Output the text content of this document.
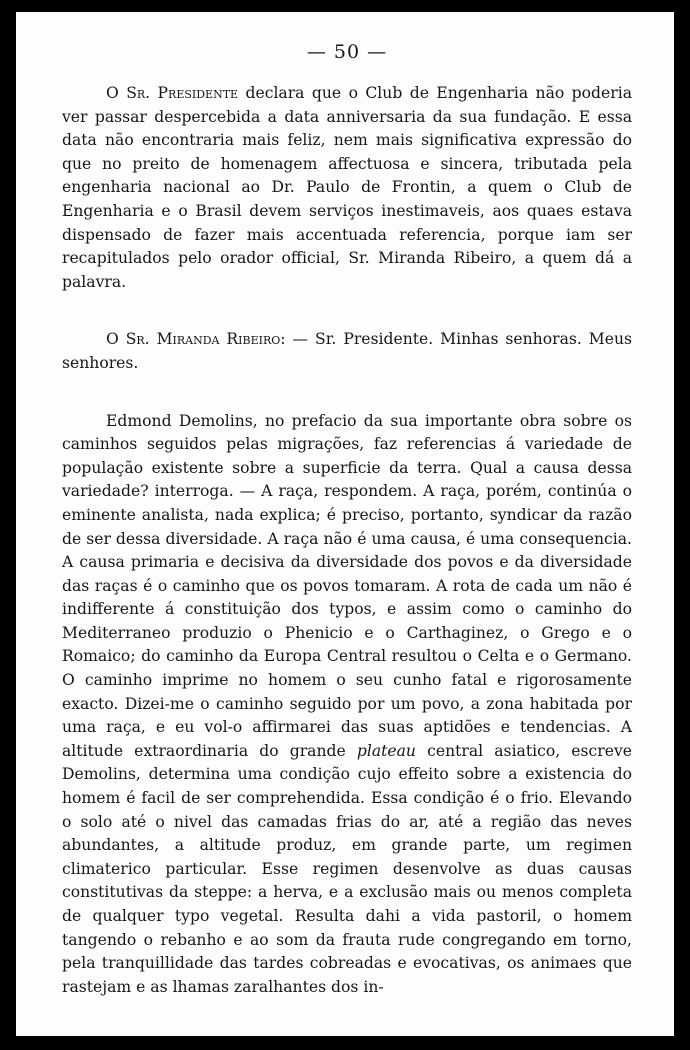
— 50 —

O Sr. Presidente declara que o Club de Engenharia não poderia ver passar despercebida a data anniversaria da sua fundação. E essa data não encontraria mais feliz, nem mais significativa expressão do que no preito de homenagem affectuosa e sincera, tributada pela engenharia nacional ao Dr. Paulo de Frontin, a quem o Club de Engenharia e o Brasil devem serviços inestimaveis, aos quaes estava dispensado de fazer mais accentuada referencia, porque iam ser recapitulados pelo orador official, Sr. Miranda Ribeiro, a quem dá a palavra.

O Sr. Miranda Ribeiro: — Sr. Presidente. Minhas senhoras. Meus senhores.

Edmond Demolins, no prefacio da sua importante obra sobre os caminhos seguidos pelas migrações, faz referencias á variedade de população existente sobre a superficie da terra. Qual a causa dessa variedade? interroga. — A raça, respondem. A raça, porém, continúa o eminente analista, nada explica; é preciso, portanto, syndicar da razão de ser dessa diversidade. A raça não é uma causa, é uma consequencia. A causa primaria e decisiva da diversidade dos povos e da diversidade das raças é o caminho que os povos tomaram. A rota de cada um não é indifferente á constituição dos typos, e assim como o caminho do Mediterraneo produzio o Phenicio e o Carthaginez, o Grego e o Romaico; do caminho da Europa Central resultou o Celta e o Germano. O caminho imprime no homem o seu cunho fatal e rigorosamente exacto. Dizei-me o caminho seguido por um povo, a zona habitada por uma raça, e eu vol-o affirmarei das suas aptidões e tendencias. A altitude extraordinaria do grande plateau central asiatico, escreve Demolins, determina uma condição cujo effeito sobre a existencia do homem é facil de ser comprehendida. Essa condição é o frio. Elevando o solo até o nivel das camadas frias do ar, até a região das neves abundantes, a altitude produz, em grande parte, um regimen climaterico particular. Esse regimen desenvolve as duas causas constitutivas da steppe: a herva, e a exclusão mais ou menos completa de qualquer typo vegetal. Resulta dahi a vida pastoril, o homem tangendo o rebanho e ao som da frauta rude congregando em torno, pela tranquillidade das tardes cobreadas e evocativas, os animaes que rastejam e as lhamas zaralhantes dos in-
